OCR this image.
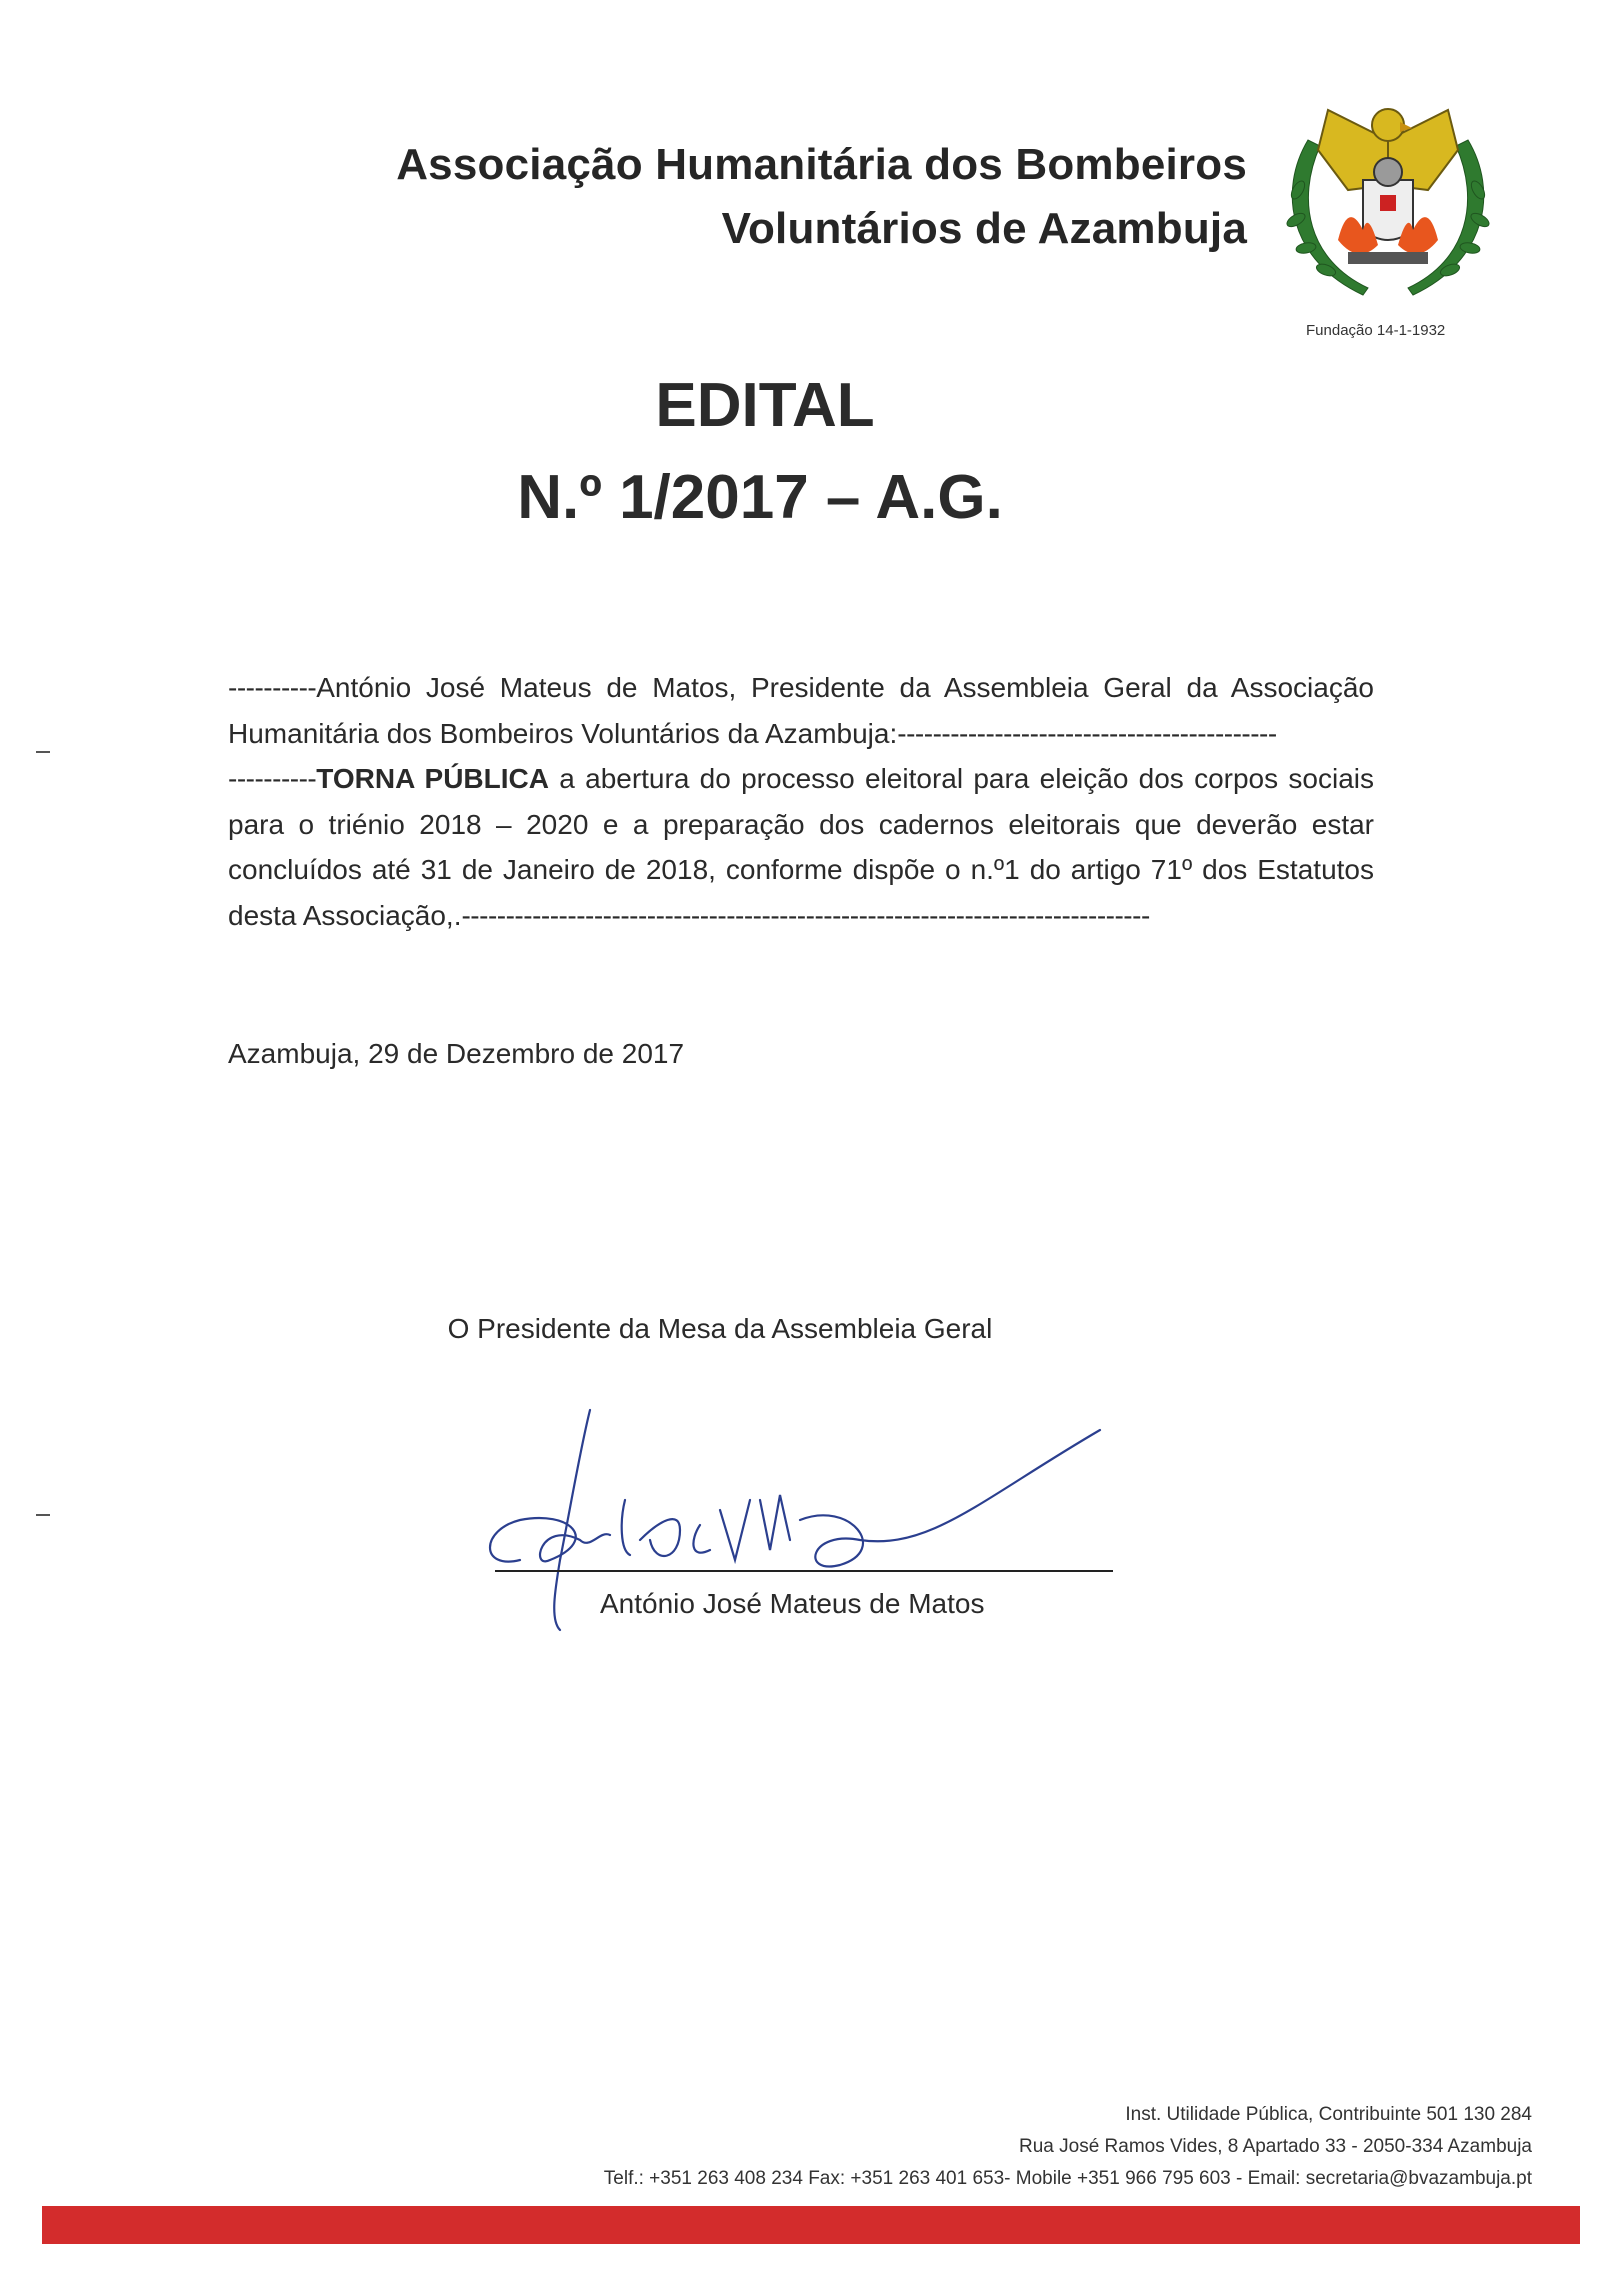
Associação Humanitária dos Bombeiros
Voluntários de Azambuja
Fundação 14-1-1932
EDITAL
N.º 1/2017 – A.G.

----------António José Mateus de Matos, Presidente da Assembleia Geral da Associação Humanitária dos Bombeiros Voluntários da Azambuja:-------------------------------------------

----------TORNA PÚBLICA a abertura do processo eleitoral para eleição dos corpos sociais para o triénio 2018 – 2020 e a preparação dos cadernos eleitorais que deverão estar concluídos até 31 de Janeiro de 2018, conforme dispõe o n.º1 do artigo 71º dos Estatutos desta Associação,.------------------------------------------------------------------------------

Azambuja, 29 de Dezembro de 2017
O Presidente da Mesa da Assembleia Geral
António José Mateus de Matos
Inst. Utilidade Pública, Contribuinte 501 130 284
Rua José Ramos Vides, 8 Apartado 33 - 2050-334 Azambuja
Telf.: +351 263 408 234 Fax: +351 263 401 653- Mobile +351 966 795 603 - Email: secretaria@bvazambuja.pt
